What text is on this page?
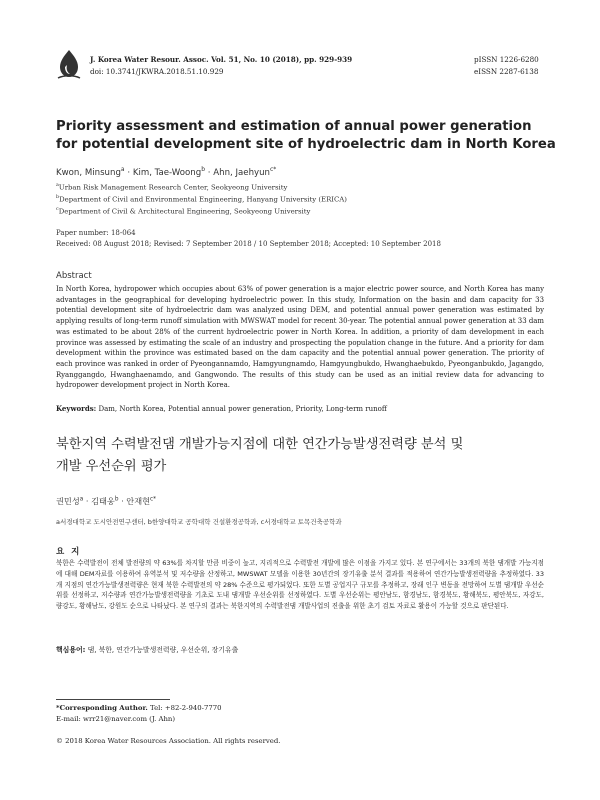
J. Korea Water Resour. Assoc. Vol. 51, No. 10 (2018), pp. 929-939
doi: 10.3741/JKWRA.2018.51.10.929
pISSN 1226-6280
eISSN 2287-6138
Priority assessment and estimation of annual power generation for potential development site of hydroelectric dam in North Korea
Kwon, Minsung$^a$ · Kim, Tae-Woong$^b$ · Ahn, Jaehyun$^{c*}$
$^a$Urban Risk Management Research Center, Seokyeong University
$^b$Department of Civil and Environmental Engineering, Hanyang University (ERICA)
$^c$Department of Civil & Architectural Engineering, Seokyeong University
Paper number: 18-064
Received: 08 August 2018; Revised: 7 September 2018 / 10 September 2018; Accepted: 10 September 2018
Abstract
In North Korea, hydropower which occupies about 63% of power generation is a major electric power source, and North Korea has many advantages in the geographical for developing hydroelectric power. In this study, Information on the basin and dam capacity for 33 potential development site of hydroelectric dam was analyzed using DEM, and potential annual power generation was estimated by applying results of long-term runoff simulation with MWSWAT model for recent 30-year. The potential annual power generation at 33 dam was estimated to be about 28% of the current hydroelectric power in North Korea. In addition, a priority of dam development in each province was assessed by estimating the scale of an industry and prospecting the population change in the future. And a priority for dam development within the province was estimated based on the dam capacity and the potential annual power generation. The priority of each province was ranked in order of Pyeongannamdo, Hamgyungnamdo, Hamgyungbukdo, Hwanghaebukdo, Pyeonganbukdo, Jagangdo, Ryanggangdo, Hwanghaenamdo, and Gangwondo. The results of this study can be used as an initial review data for advancing to hydropower development project in North Korea.
Keywords: Dam, North Korea, Potential annual power generation, Priority, Long-term runoff
북한지역 수력발전댐 개발가능지점에 대한 연간가능발생전력량 분석 및
개발 우선순위 평가
권민성$^a$ · 김태웅$^b$ · 안재현$^{c*}$
a서경대학교 도시안전연구센터, b한양대학교 공학대학 건설환경공학과, c서경대학교 토목건축공학과
요 지
북한은 수력발전이 전체 발전량의 약 63%를 차지할 만큼 비중이 높고, 지리적으로 수력발전 개발에 많은 이점을 가지고 있다. 본 연구에서는 33개의 북한 댐개발 가능지점에 대해 DEM자료를 이용하여 유역분석 및 저수량을 산정하고, MWSWAT 모델을 이용한 30년간의 장기유출 분석 결과를 적용하여 연간가능발생전력량을 추정하였다. 33개 지점의 연간가능발생전력량은 현재 북한 수력발전의 약 28% 수준으로 평가되었다. 또한 도별 공업지구 규모를 추정하고, 장래 인구 변동을 전망하여 도별 댐개발 우선순위를 선정하고, 저수량과 연간가능발생전력량을 기초로 도내 댐개발 우선순위를 선정하였다. 도별 우선순위는 평안남도, 함경남도, 함경북도, 황해북도, 평안북도, 자강도, 량강도, 황해남도, 강원도 순으로 나타났다. 본 연구의 결과는 북한지역의 수력발전댐 개발사업의 진출을 위한 초기 검토 자료로 활용이 가능할 것으로 판단된다.
핵심용어: 댐, 북한, 연간가능발생전력량, 우선순위, 장기유출
*Corresponding Author. Tel: +82-2-940-7770
E-mail: wrr21@naver.com (J. Ahn)
© 2018 Korea Water Resources Association. All rights reserved.
